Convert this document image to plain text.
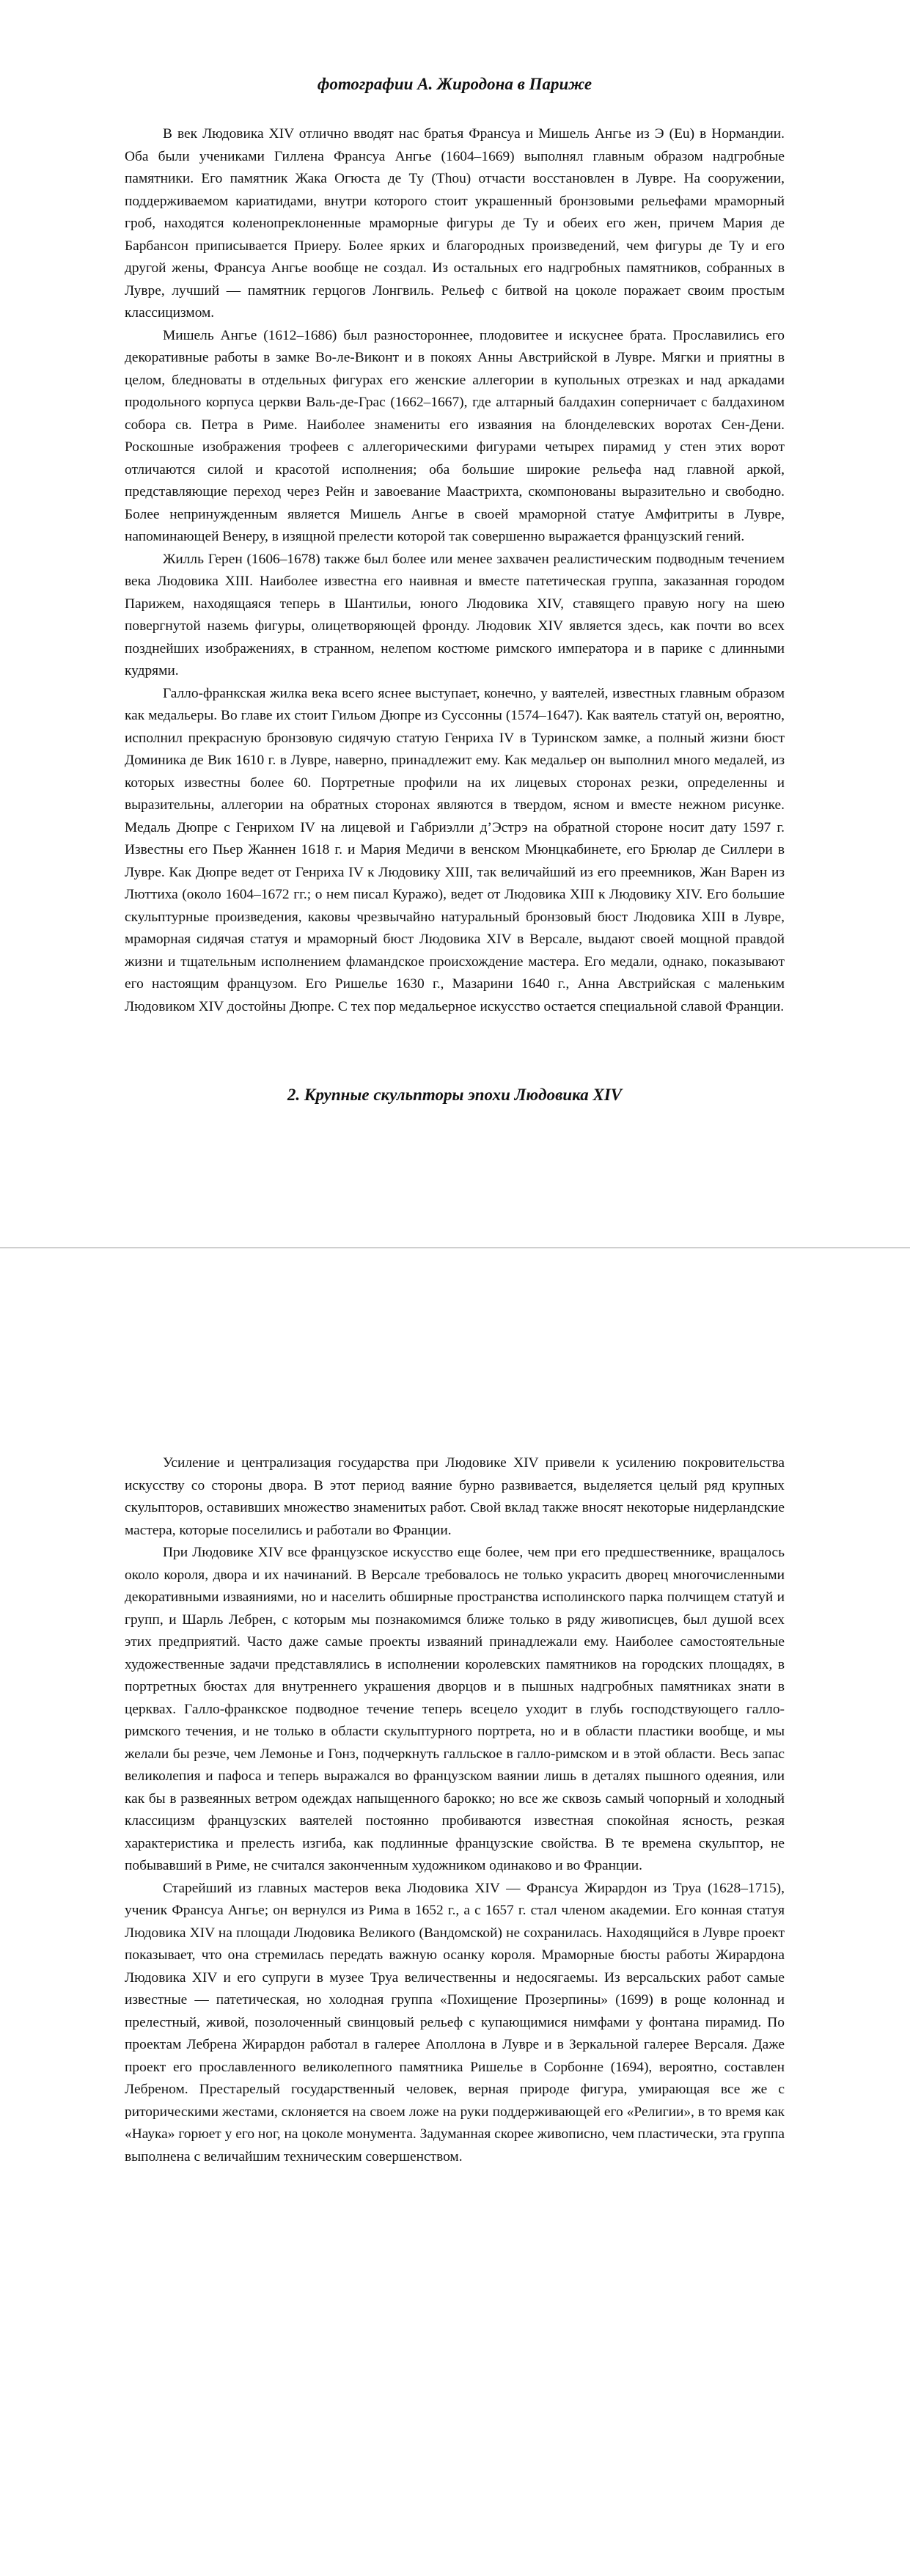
фотографии А. Жиродона в Париже

В век Людовика XIV отлично вводят нас братья Франсуа и Мишель Ангье из Э (Eu) в Нормандии. Оба были учениками Гиллена Франсуа Ангье (1604–1669) выполнял главным образом надгробные памятники. Его памятник Жака Огюста де Ту (Thou) отчасти восстановлен в Лувре. На сооружении, поддерживаемом кариатидами, внутри которого стоит украшенный бронзовыми рельефами мраморный гроб, находятся коленопреклоненные мраморные фигуры де Ту и обеих его жен, причем Мария де Барбансон приписывается Приеру. Более ярких и благородных произведений, чем фигуры де Ту и его другой жены, Франсуа Ангье вообще не создал. Из остальных его надгробных памятников, собранных в Лувре, лучший — памятник герцогов Лонгвиль. Рельеф с битвой на цоколе поражает своим простым классицизмом.

Мишель Ангье (1612–1686) был разностороннее, плодовитее и искуснее брата. Прославились его декоративные работы в замке Во-ле-Виконт и в покоях Анны Австрийской в Лувре. Мягки и приятны в целом, бледноваты в отдельных фигурах его женские аллегории в купольных отрезках и над аркадами продольного корпуса церкви Валь-де-Грас (1662–1667), где алтарный балдахин соперничает с балдахином собора св. Петра в Риме. Наиболее знамениты его изваяния на блонделевских воротах Сен-Дени. Роскошные изображения трофеев с аллегорическими фигурами четырех пирамид у стен этих ворот отличаются силой и красотой исполнения; оба большие широкие рельефа над главной аркой, представляющие переход через Рейн и завоевание Маастрихта, скомпонованы выразительно и свободно. Более непринужденным является Мишель Ангье в своей мраморной статуе Амфитриты в Лувре, напоминающей Венеру, в изящной прелести которой так совершенно выражается французский гений.

Жилль Герен (1606–1678) также был более или менее захвачен реалистическим подводным течением века Людовика XIII. Наиболее известна его наивная и вместе патетическая группа, заказанная городом Парижем, находящаяся теперь в Шантильи, юного Людовика XIV, ставящего правую ногу на шею повергнутой наземь фигуры, олицетворяющей фронду. Людовик XIV является здесь, как почти во всех позднейших изображениях, в странном, нелепом костюме римского императора и в парике с длинными кудрями.

Галло-франкская жилка века всего яснее выступает, конечно, у ваятелей, известных главным образом как медальеры. Во главе их стоит Гильом Дюпре из Суссонны (1574–1647). Как ваятель статуй он, вероятно, исполнил прекрасную бронзовую сидячую статую Генриха IV в Туринском замке, а полный жизни бюст Доминика де Вик 1610 г. в Лувре, наверно, принадлежит ему. Как медальер он выполнил много медалей, из которых известны более 60. Портретные профили на их лицевых сторонах резки, определенны и выразительны, аллегории на обратных сторонах являются в твердом, ясном и вместе нежном рисунке. Медаль Дюпре с Генрихом IV на лицевой и Габриэлли д’Эстрэ на обратной стороне носит дату 1597 г. Известны его Пьер Жаннен 1618 г. и Мария Медичи в венском Мюнцкабинете, его Брюлар де Силлери в Лувре. Как Дюпре ведет от Генриха IV к Людовику XIII, так величайший из его преемников, Жан Варен из Люттиха (около 1604–1672 гг.; о нем писал Куражо), ведет от Людовика XIII к Людовику XIV. Его большие скульптурные произведения, каковы чрезвычайно натуральный бронзовый бюст Людовика XIII в Лувре, мраморная сидячая статуя и мраморный бюст Людовика XIV в Версале, выдают своей мощной правдой жизни и тщательным исполнением фламандское происхождение мастера. Его медали, однако, показывают его настоящим французом. Его Ришелье 1630 г., Мазарини 1640 г., Анна Австрийская с маленьким Людовиком XIV достойны Дюпре. С тех пор медальерное искусство остается специальной славой Франции.

2. Крупные скульпторы эпохи Людовика XIV

Усиление и централизация государства при Людовике XIV привели к усилению покровительства искусству со стороны двора. В этот период ваяние бурно развивается, выделяется целый ряд крупных скульпторов, оставивших множество знаменитых работ. Свой вклад также вносят некоторые нидерландские мастера, которые поселились и работали во Франции.

При Людовике XIV все французское искусство еще более, чем при его предшественнике, вращалось около короля, двора и их начинаний. В Версале требовалось не только украсить дворец многочисленными декоративными изваяниями, но и населить обширные пространства исполинского парка полчищем статуй и групп, и Шарль Лебрен, с которым мы познакомимся ближе только в ряду живописцев, был душой всех этих предприятий. Часто даже самые проекты изваяний принадлежали ему. Наиболее самостоятельные художественные задачи представлялись в исполнении королевских памятников на городских площадях, в портретных бюстах для внутреннего украшения дворцов и в пышных надгробных памятниках знати в церквах. Галло-франкское подводное течение теперь всецело уходит в глубь господствующего галло-римского течения, и не только в области скульптурного портрета, но и в области пластики вообще, и мы желали бы резче, чем Лемонье и Гонз, подчеркнуть галльское в галло-римском и в этой области. Весь запас великолепия и пафоса и теперь выражался во французском ваянии лишь в деталях пышного одеяния, или как бы в развеянных ветром одеждах напыщенного барокко; но все же сквозь самый чопорный и холодный классицизм французских ваятелей постоянно пробиваются известная спокойная ясность, резкая характеристика и прелесть изгиба, как подлинные французские свойства. В те времена скульптор, не побывавший в Риме, не считался законченным художником одинаково и во Франции.

Старейший из главных мастеров века Людовика XIV — Франсуа Жирардон из Труа (1628–1715), ученик Франсуа Ангье; он вернулся из Рима в 1652 г., а с 1657 г. стал членом академии. Его конная статуя Людовика XIV на площади Людовика Великого (Вандомской) не сохранилась. Находящийся в Лувре проект показывает, что она стремилась передать важную осанку короля. Мраморные бюсты работы Жирардона Людовика XIV и его супруги в музее Труа величественны и недосягаемы. Из версальских работ самые известные — патетическая, но холодная группа «Похищение Прозерпины» (1699) в роще колоннад и прелестный, живой, позолоченный свинцовый рельеф с купающимися нимфами у фонтана пирамид. По проектам Лебрена Жирардон работал в галерее Аполлона в Лувре и в Зеркальной галерее Версаля. Даже проект его прославленного великолепного памятника Ришелье в Сорбонне (1694), вероятно, составлен Лебреном. Престарелый государственный человек, верная природе фигура, умирающая все же с риторическими жестами, склоняется на своем ложе на руки поддерживающей его «Религии», в то время как «Наука» горюет у его ног, на цоколе монумента. Задуманная скорее живописно, чем пластически, эта группа выполнена с величайшим техническим совершенством.
